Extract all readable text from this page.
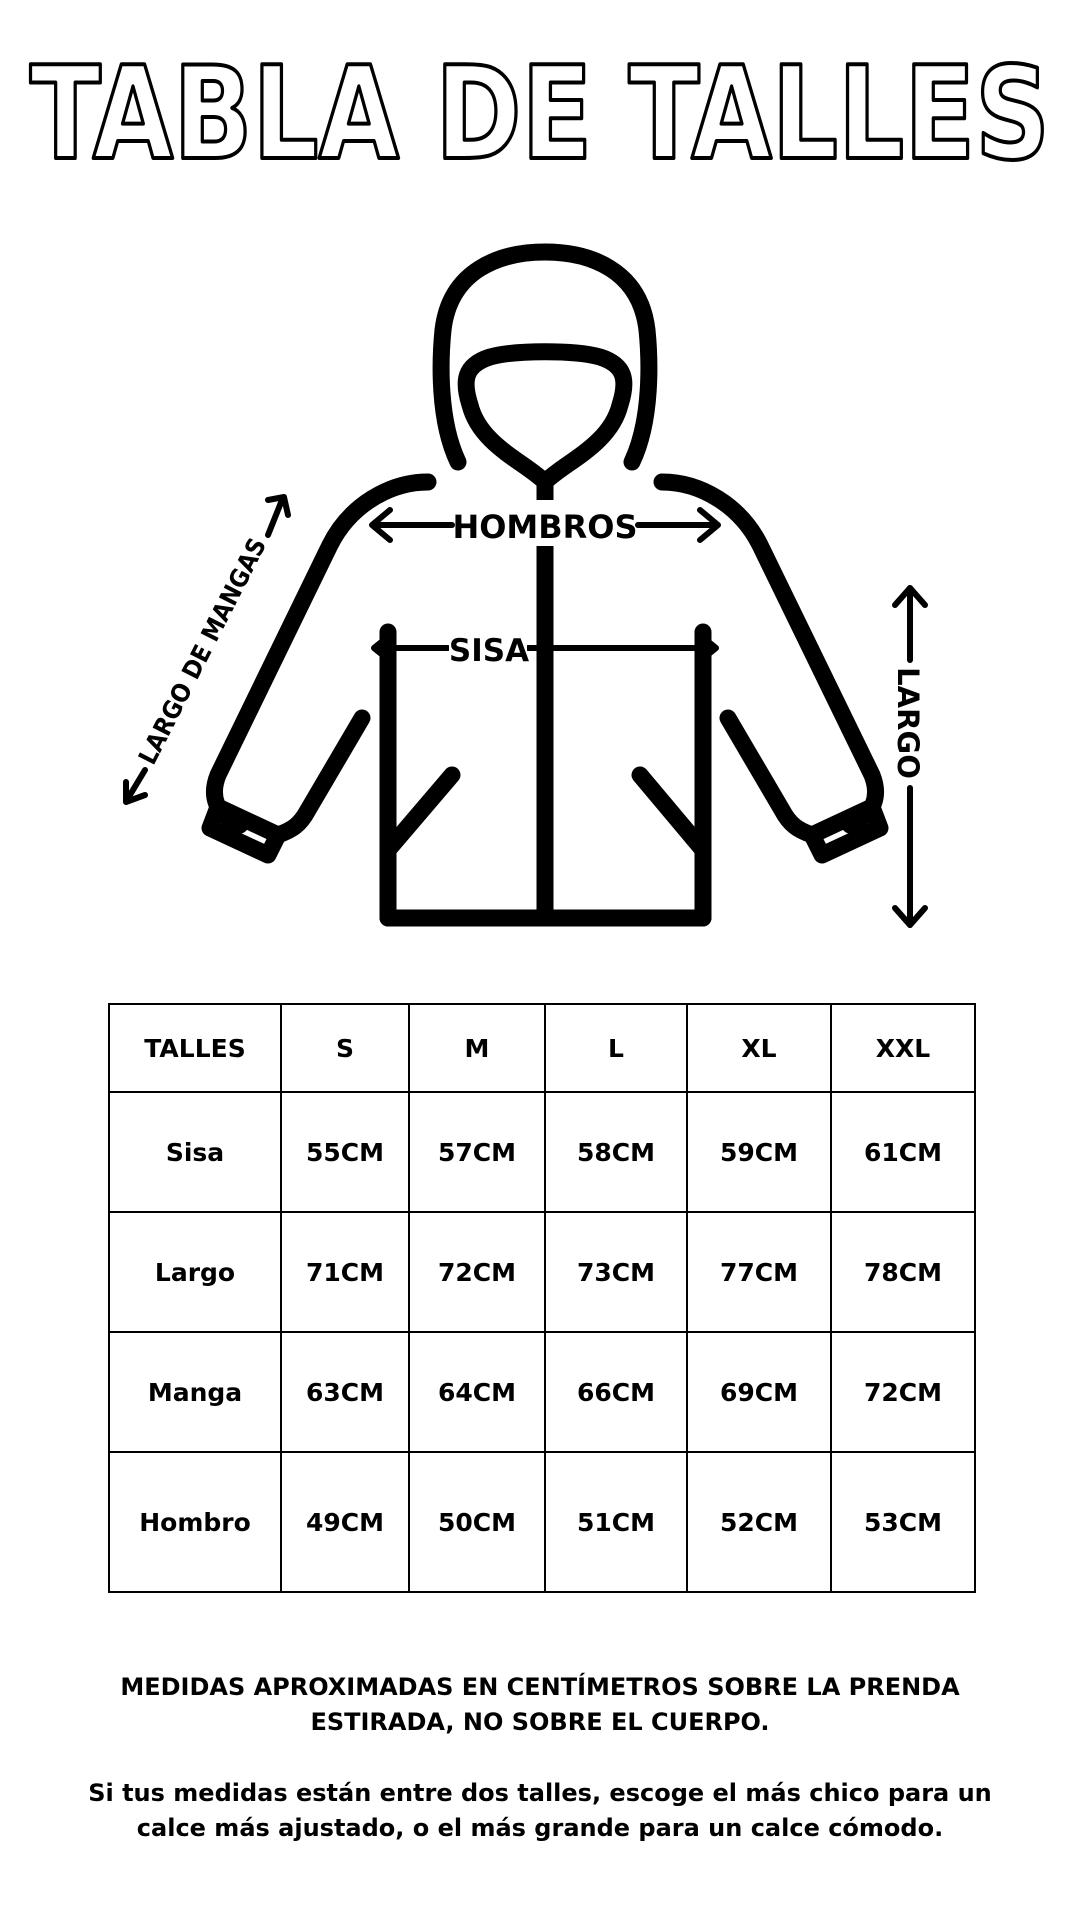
TABLA DE TALLES
HOMBROS
SISA
LARGO DE MANGAS	LARGO
TALLES	S	M	L	XL	XXL
Sisa	55CM	57CM	58CM	59CM	61CM
Largo	71CM	72CM	73CM	77CM	78CM
Manga	63CM	64CM	66CM	69CM	72CM
Hombro	49CM	50CM	51CM	52CM	53CM
MEDIDAS APROXIMADAS EN CENTÍMETROS SOBRE LA PRENDA ESTIRADA, NO SOBRE EL CUERPO.
Si tus medidas están entre dos talles, escoge el más chico para un calce más ajustado, o el más grande para un calce cómodo.
